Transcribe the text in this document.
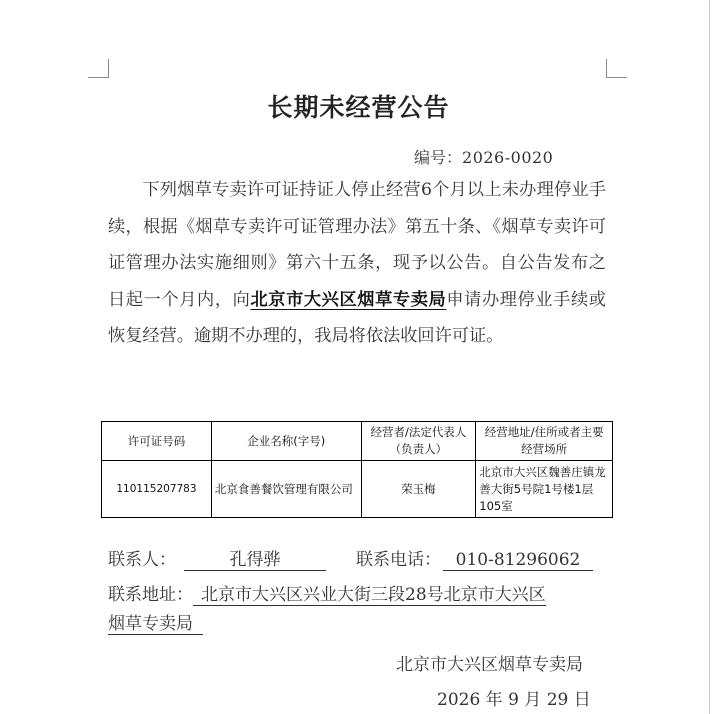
长期未经营公告
编号：2026-0020
下列烟草专卖许可证持证人停止经营6个月以上未办理停业手续，根据《烟草专卖许可证管理办法》第五十条、《烟草专卖许可证管理办法实施细则》第六十五条，现予以公告。自公告发布之日起一个月内，向北京市大兴区烟草专卖局申请办理停业手续或恢复经营。逾期不办理的，我局将依法收回许可证。
许可证号码	企业名称(字号)	经营者/法定代表人（负责人）	经营地址/住所或者主要经营场所
110115207783	北京食善餐饮管理有限公司	荣玉梅	北京市大兴区魏善庄镇龙善大街5号院1号楼1层105室
联系人：	孔得骅	联系电话： 010-81296062
联系地址： 北京市大兴区兴业大街三段28号北京市大兴区
烟草专卖局
北京市大兴区烟草专卖局
2026 年 9 月 29 日
